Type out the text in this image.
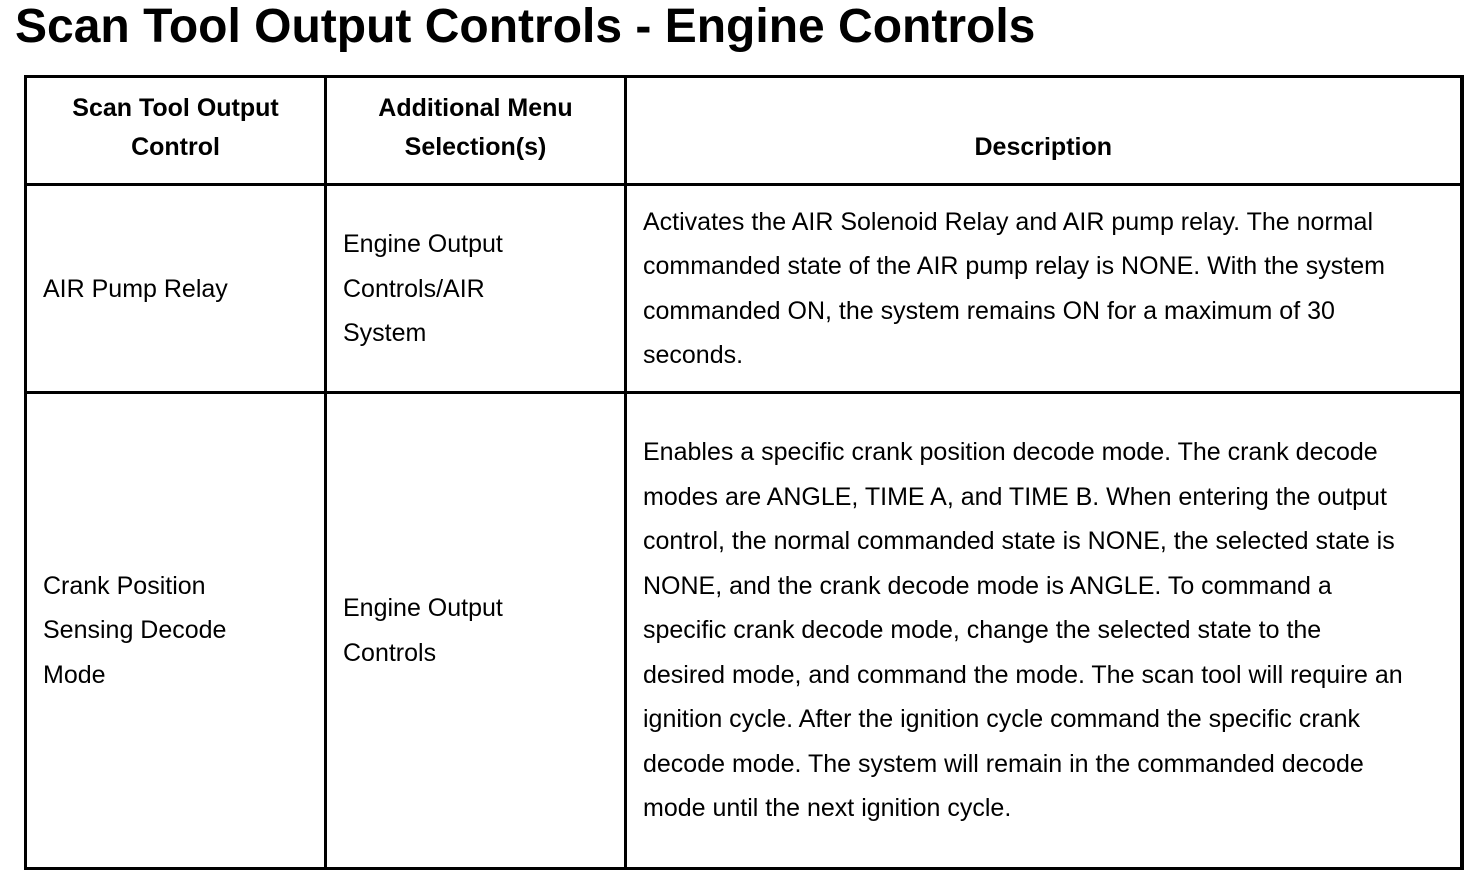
Scan Tool Output Controls - Engine Controls
Scan Tool Output Control	Additional Menu Selection(s)	Description
AIR Pump Relay	Engine Output Controls/AIR System	Activates the AIR Solenoid Relay and AIR pump relay. The normal commanded state of the AIR pump relay is NONE. With the system commanded ON, the system remains ON for a maximum of 30 seconds.
Crank Position Sensing Decode Mode	Engine Output Controls	Enables a specific crank position decode mode. The crank decode modes are ANGLE, TIME A, and TIME B. When entering the output control, the normal commanded state is NONE, the selected state is NONE, and the crank decode mode is ANGLE. To command a specific crank decode mode, change the selected state to the desired mode, and command the mode. The scan tool will require an ignition cycle. After the ignition cycle command the specific crank decode mode. The system will remain in the commanded decode mode until the next ignition cycle.
